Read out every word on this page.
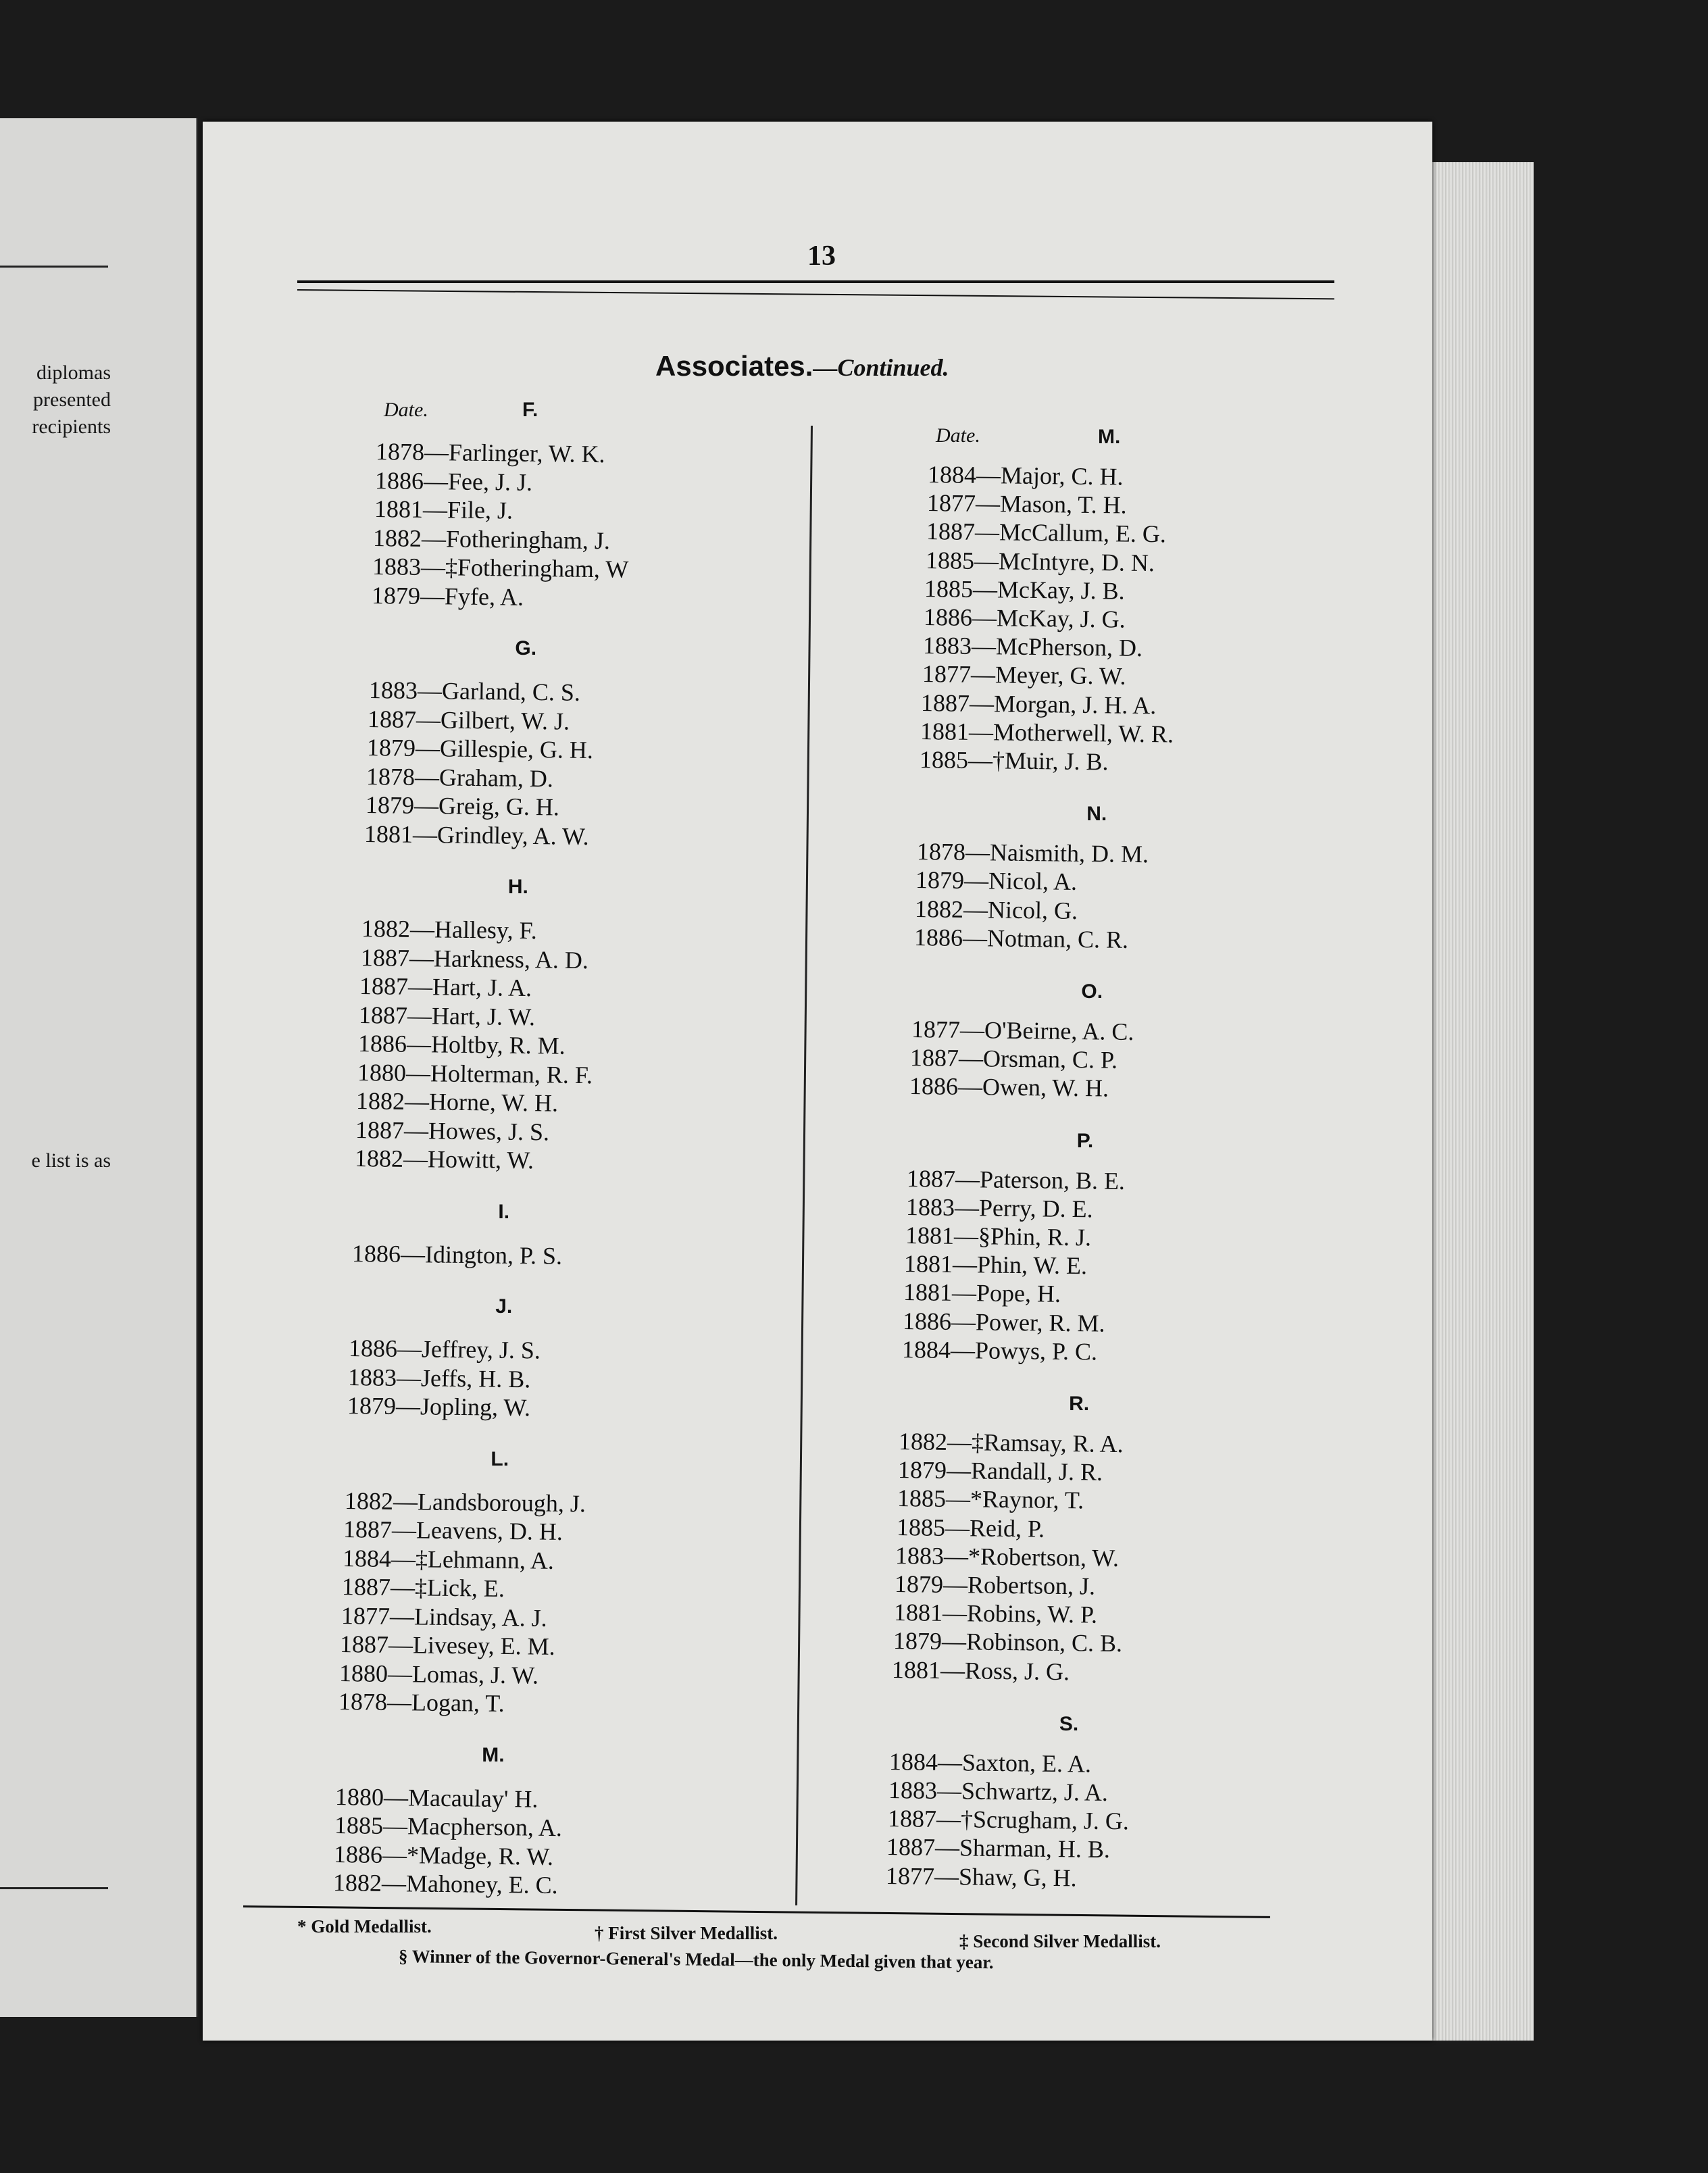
diplomas
presented
recipients
e list is as
13
Associates.—Continued.
Date.
Date.
F.
1878—Farlinger, W. K.
1886—Fee, J. J.
1881—File, J.
1882—Fotheringham, J.
1883—‡Fotheringham, W
1879—Fyfe, A.
G.
1883—Garland, C. S.
1887—Gilbert, W. J.
1879—Gillespie, G. H.
1878—Graham, D.
1879—Greig, G. H.
1881—Grindley, A. W.
H.
1882—Hallesy, F.
1887—Harkness, A. D.
1887—Hart, J. A.
1887—Hart, J. W.
1886—Holtby, R. M.
1880—Holterman, R. F.
1882—Horne, W. H.
1887—Howes, J. S.
1882—Howitt, W.
I.
1886—Idington, P. S.
J.
1886—Jeffrey, J. S.
1883—Jeffs, H. B.
1879—Jopling, W.
L.
1882—Landsborough, J.
1887—Leavens, D. H.
1884—‡Lehmann, A.
1887—‡Lick, E.
1877—Lindsay, A. J.
1887—Livesey, E. M.
1880—Lomas, J. W.
1878—Logan, T.
M.
1880—Macaulay' H.
1885—Macpherson, A.
1886—*Madge, R. W.
1882—Mahoney, E. C.
M.
1884—Major, C. H.
1877—Mason, T. H.
1887—McCallum, E. G.
1885—McIntyre, D. N.
1885—McKay, J. B.
1886—McKay, J. G.
1883—McPherson, D.
1877—Meyer, G. W.
1887—Morgan, J. H. A.
1881—Motherwell, W. R.
1885—†Muir, J. B.
N.
1878—Naismith, D. M.
1879—Nicol, A.
1882—Nicol, G.
1886—Notman, C. R.
O.
1877—O'Beirne, A. C.
1887—Orsman, C. P.
1886—Owen, W. H.
P.
1887—Paterson, B. E.
1883—Perry, D. E.
1881—§Phin, R. J.
1881—Phin, W. E.
1881—Pope, H.
1886—Power, R. M.
1884—Powys, P. C.
R.
1882—‡Ramsay, R. A.
1879—Randall, J. R.
1885—*Raynor, T.
1885—Reid, P.
1883—*Robertson, W.
1879—Robertson, J.
1881—Robins, W. P.
1879—Robinson, C. B.
1881—Ross, J. G.
S.
1884—Saxton, E. A.
1883—Schwartz, J. A.
1887—†Scrugham, J. G.
1887—Sharman, H. B.
1877—Shaw, G, H.
* Gold Medallist.	† First Silver Medallist.	‡ Second Silver Medallist.
§ Winner of the Governor-General's Medal—the only Medal given that year.
